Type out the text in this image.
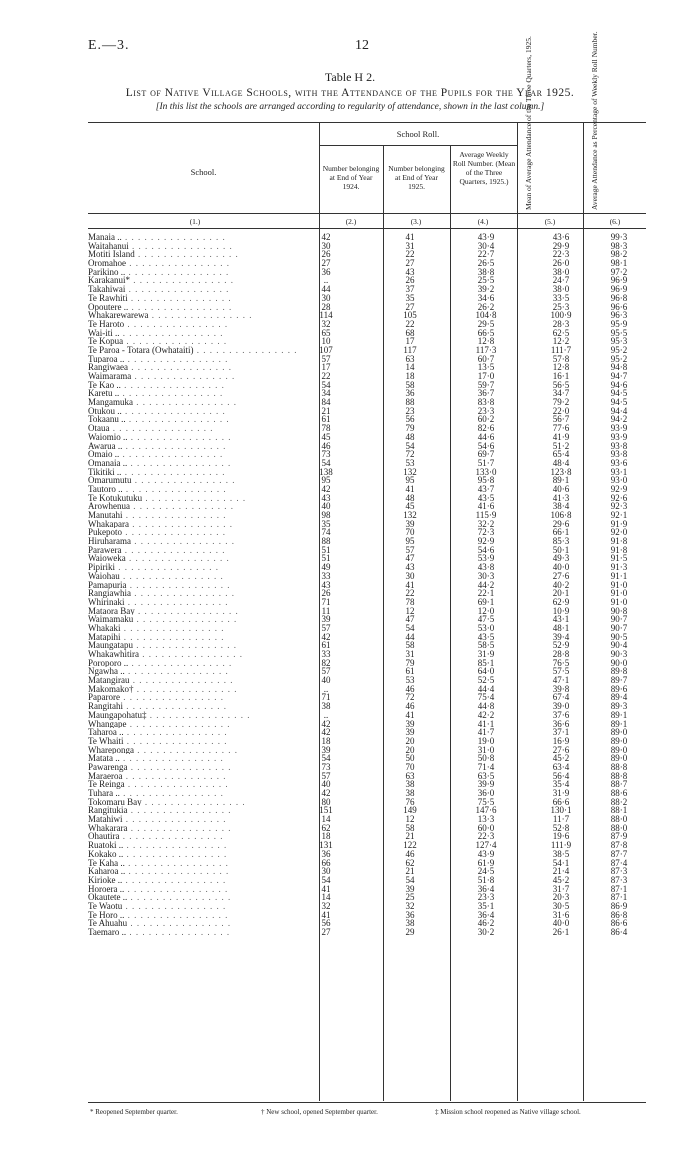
E.—3.	12
Table H 2.
List of Native Village Schools, with the Attendance of the Pupils for the Year 1925.
[In this list the schools are arranged according to regularity of attendance, shown in the last column.]
School.
School Roll.
Number belonging at End of Year 1924.
Number belonging at End of Year 1925.
Average Weekly Roll Number. (Mean of the Three Quarters, 1925.)	Mean of Average Attendance of the Three Quarters, 1925.	Average Attendance as Percentage of Weekly Roll Number.
(1.)	(2.)	(3.)	(4.)	(5.)	(6.)
Manaia .. . .	42	41	43·9	43·6	99·3
Waitahanui . .	30	31	30·4	29·9	98·3
Motiti Island . .	26	22	22·7	22·3	98·2
Oromahoe . .	27	27	26·5	26·0	98·1
Parikino .. . .	36	43	38·8	38·0	97·2
Karakanui* . .	..	26	25·5	24·7	96·9
Takahiwai . .	44	37	39·2	38·0	96·9
Te Rawhiti . .	30	35	34·6	33·5	96·8
Opoutere .. . .	28	27	26·2	25·3	96·6
Whakarewarewa . .	114	105	104·8	100·9	96·3
Te Haroto . .	32	22	29·5	28·3	95·9
Wai-iti .. . .	65	68	66·5	62·5	95·5
Te Kopua . .	10	17	12·8	12·2	95·3
Te Paroa - Totara (Owhataiti) . .	107	117	117·3	111·7	95·2
Tuparoa .. . .	57	63	60·7	57·8	95·2
Rangiwaea . .	17	14	13·5	12·8	94·8
Waimarama . .	22	18	17·0	16·1	94·7
Te Kao .. . .	54	58	59·7	56·5	94·6
Karetu .. . .	34	36	36·7	34·7	94·5
Mangamuka . .	84	88	83·8	79·2	94·5
Otukou .. . .	21	23	23·3	22·0	94·4
Tokaanu .. . .	61	56	60·2	56·7	94·2
Otaua . .	78	79	82·6	77·6	93·9
Waiomio .. . .	45	48	44·6	41·9	93·9
Awarua .. . .	46	54	54·6	51·2	93·8
Omaio .. . .	73	72	69·7	65·4	93·8
Omanaia .. . .	54	53	51·7	48·4	93·6
Tikitiki .. . .	138	132	133·0	123·8	93·1
Omarumutu . .	95	95	95·8	89·1	93·0
Tautoro .. . .	42	41	43·7	40·6	92·9
Te Kotukutuku . .	43	48	43·5	41·3	92·6
Arowhenua . .	40	45	41·6	38·4	92·3
Manutahi . .	98	132	115·9	106·8	92·1
Whakapara . .	35	39	32·2	29·6	91·9
Pukepoto . .	74	70	72·3	66·1	92·0
Hiruharama . .	88	95	92·9	85·3	91·8
Parawera . .	51	57	54·6	50·1	91·8
Waioweka . .	51	47	53·9	49·3	91·5
Pipiriki . .	49	43	43·8	40·0	91·3
Waiohau . .	33	30	30·3	27·6	91·1
Pamapuria . .	43	41	44·2	40·2	91·0
Rangiawhia . .	26	22	22·1	20·1	91·0
Whirinaki . .	71	78	69·1	62·9	91·0
Mataora Bay . .	11	12	12·0	10·9	90·8
Waimamaku . .	39	47	47·5	43·1	90·7
Whakaki . .	57	54	53·0	48·1	90·7
Matapihi . .	42	44	43·5	39·4	90·5
Maungatapu . .	61	58	58·5	52·9	90·4
Whakawhitira . .	33	31	31·9	28·8	90·3
Poroporo .. . .	82	79	85·1	76·5	90·0
Ngawha .. . .	57	61	64·0	57·5	89·8
Matangirau . .	40	53	52·5	47·1	89·7
Makomako† . .	..	46	44·4	39·8	89·6
Paparore . .	71	72	75·4	67·4	89·4
Rangitahi . .	38	46	44·8	39·0	89·3
Maungapohatu‡ . .	..	41	42·2	37·6	89·1
Whangape . .	42	39	41·1	36·6	89·1
Taharoa .. . .	42	39	41·7	37·1	89·0
Te Whaiti . .	18	20	19·0	16·9	89·0
Whareponga . .	39	20	31·0	27·6	89·0
Matata .. . .	54	50	50·8	45·2	89·0
Pawarenga . .	73	70	71·4	63·4	88·8
Maraeroa . .	57	63	63·5	56·4	88·8
Te Reinga . .	40	38	39·9	35·4	88·7
Tuhara .. . .	42	38	36·0	31·9	88·6
Tokomaru Bay . .	80	76	75·5	66·6	88·2
Rangitukia . .	151	149	147·6	130·1	88·1
Matahiwi . .	14	12	13·3	11·7	88·0
Whakarara . .	62	58	60·0	52·8	88·0
Ohautira . .	18	21	22·3	19·6	87·9
Ruatoki .. . .	131	122	127·4	111·9	87·8
Kokako .. . .	36	46	43·9	38·5	87·7
Te Kaha .. . .	66	62	61·9	54·1	87·4
Kaharoa .. . .	30	21	24·5	21·4	87·3
Kirioke .. . .	54	54	51·8	45·2	87·3
Horoera .. . .	41	39	36·4	31·7	87·1
Okautete .. . .	14	25	23·3	20·3	87·1
Te Waotu . .	32	32	35·1	30·5	86·9
Te Horo .. . .	41	36	36·4	31·6	86·8
Te Ahuahu . .	56	38	46·2	40·0	86·6
Taemaro .. . .	27	29	30·2	26·1	86·4
* Reopened September quarter.	† New school, opened September quarter.	‡ Mission school reopened as Native village school.
